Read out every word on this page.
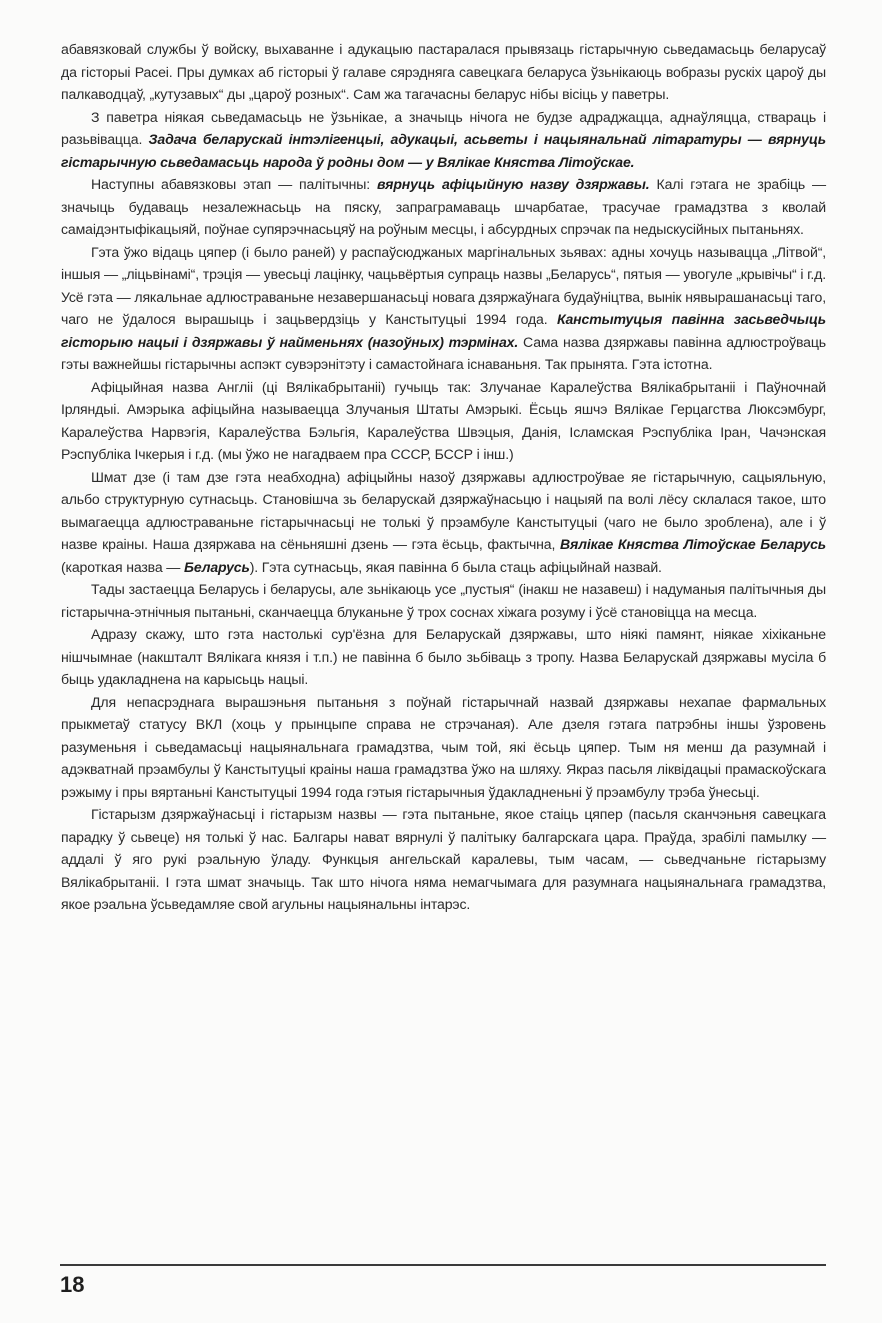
абавязковай службы ў войску, выхаванне і адукацыю пастаралася прывязаць гістарычную сьведамасьць беларусаў да гісторыі Расеі. Пры думках аб гісторыі ў галаве сярэдняга савецкага беларуса ўзьнікаюць вобразы рускіх цароў ды палкаводцаў, „кутузавых“ ды „цароў розных“. Сам жа тагачасны беларус нібы вісіць у паветры.

З паветра ніякая сьведамасьць не ўзьнікае, а значыць нічога не будзе адраджацца, аднаўляцца, ствараць і разьвівацца. Задача беларускай інтэлігенцыі, адукацыі, асьветы і нацыянальнай літаратуры — вярнуць гістарычную сьведамасьць народа ў родны дом — у Вялікае Княства Літоўскае.

Наступны абавязковы этап — палітычны: вярнуць афіцыйную назву дзяржавы. Калі гэтага не зрабіць — значыць будаваць незалежнасьць на пяску, запраграмаваць шчарбатае, трасучае грамадзтва з кволай самаідэнтыфікацыяй, поўнае супярэчнасьцяў на роўным месцы, і абсурдных спрэчак па недыскусійных пытаньнях.

Гэта ўжо відаць цяпер (і было раней) у распаўсюджаных маргінальных зьявах: адны хочуць называцца „Літвой“, іншыя — „ліцьвінамі“, трэція — увесьці лацінку, чацьвёртыя супраць назвы „Беларусь“, пятыя — увогуле „крывічы“ і г.д. Усё гэта — лякальнае адлюстраваньне незавершанасьці новага дзяржаўнага будаўніцтва, вынік нявырашанасьці таго, чаго не ўдалося вырашыць і зацьвердзіць у Канстытуцыі 1994 года. Канстытуцыя павінна засьведчыць гісторыю нацыі і дзяржавы ў найменьнях (назоўных) тэрмінах. Сама назва дзяржавы павінна адлюстроўваць гэты важнейшы гістарычны аспэкт сувэрэнітэту і самастойнага існаваньня. Так прынята. Гэта істотна.

Афіцыйная назва Англіі (ці Вялікабрытаніі) гучыць так: Злучанае Каралеўства Вялікабрытаніі і Паўночнай Ірляндыі. Амэрыка афіцыйна называецца Злучаныя Штаты Амэрыкі. Ёсьць яшчэ Вялікае Герцагства Люксэмбург, Каралеўства Нарвэгія, Каралеўства Бэльгія, Каралеўства Швэцыя, Данія, Ісламская Рэспубліка Іран, Чачэнская Рэспубліка Ічкерыя і г.д. (мы ўжо не нагадваем пра СССР, БССР і інш.)

Шмат дзе (і там дзе гэта неабходна) афіцыйны назоў дзяржавы адлюстроўвае яе гістарычную, сацыяльную, альбо структурную сутнасьць. Становішча зь беларускай дзяржаўнасьцю і нацыяй па волі лёсу склалася такое, што вымагаецца адлюстраваньне гістарычнасьці не толькі ў прэамбуле Канстытуцыі (чаго не было зроблена), але і ў назве краіны. Наша дзяржава на сёньняшні дзень — гэта ёсьць, фактычна, Вялікае Княства Літоўскае Беларусь (кароткая назва — Беларусь). Гэта сутнасьць, якая павінна б была стаць афіцыйнай назвай.

Тады застаецца Беларусь і беларусы, але зьнікаюць усе „пустыя“ (інакш не назавеш) і надуманыя палітычныя ды гістарычна-этнічныя пытаньні, сканчаецца блуканьне ў трох соснах хіжага розуму і ўсё становіцца на месца.

Адразу скажу, што гэта настолькі сур'ёзна для Беларускай дзяржавы, што ніякі памянт, ніякае хіхіканьне нішчымнае (накшталт Вялікага князя і т.п.) не павінна б было зьбіваць з тропу. Назва Беларускай дзяржавы мусіла б быць удакладнена на карысьць нацыі.

Для непасрэднага вырашэньня пытаньня з поўнай гістарычнай назвай дзяржавы нехапае фармальных прыкметаў статусу ВКЛ (хоць у прынцыпе справа не стрэчаная). Але дзеля гэтага патрэбны іншы ўзровень разуменьня і сьведамасьці нацыянальнага грамадзтва, чым той, які ёсьць цяпер. Тым ня менш да разумнай і адэкватнай прэамбулы ў Канстытуцыі краіны наша грамадзтва ўжо на шляху. Якраз пасьля ліквідацыі прамаскоўскага рэжыму і пры вяртаньні Канстытуцыі 1994 года гэтыя гістарычныя ўдакладненьні ў прэамбулу трэба ўнесьці.

Гістарызм дзяржаўнасьці і гістарызм назвы — гэта пытаньне, якое стаіць цяпер (пасьля сканчэньня савецкага парадку ў сьвеце) ня толькі ў нас. Балгары нават вярнулі ў палітыку балгарскага цара. Праўда, зрабілі памылку — аддалі ў яго рукі рэальную ўладу. Функцыя ангельскай каралевы, тым часам, — сьведчаньне гістарызму Вялікабрытаніі. І гэта шмат значыць. Так што нічога няма немагчымага для разумнага нацыянальнага грамадзтва, якое рэальна ўсьведамляе свой агульны нацыянальны інтарэс.

18
